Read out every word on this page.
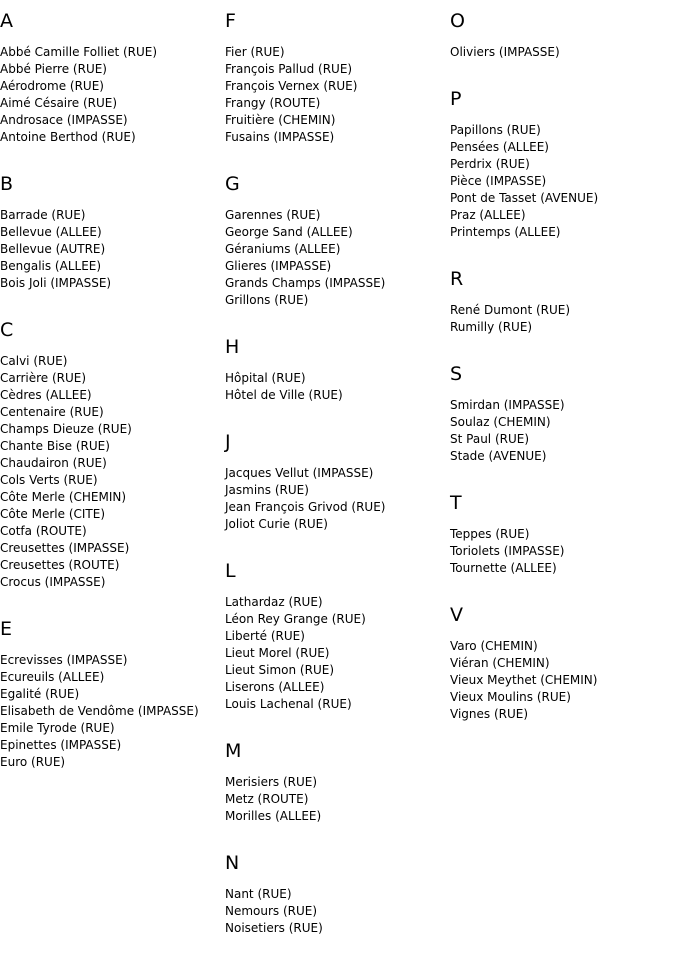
A
Abbé Camille Folliet (RUE)
Abbé Pierre (RUE)
Aérodrome (RUE)
Aimé Césaire (RUE)
Androsace (IMPASSE)
Antoine Berthod (RUE)
B
Barrade (RUE)
Bellevue (ALLEE)
Bellevue (AUTRE)
Bengalis (ALLEE)
Bois Joli (IMPASSE)
C
Calvi (RUE)
Carrière (RUE)
Cèdres (ALLEE)
Centenaire (RUE)
Champs Dieuze (RUE)
Chante Bise (RUE)
Chaudairon (RUE)
Cols Verts (RUE)
Côte Merle (CHEMIN)
Côte Merle (CITE)
Cotfa (ROUTE)
Creusettes (IMPASSE)
Creusettes (ROUTE)
Crocus (IMPASSE)
E
Ecrevisses (IMPASSE)
Ecureuils (ALLEE)
Egalité (RUE)
Elisabeth de Vendôme (IMPASSE)
Emile Tyrode (RUE)
Epinettes (IMPASSE)
Euro (RUE)
F
Fier (RUE)
François Pallud (RUE)
François Vernex (RUE)
Frangy (ROUTE)
Fruitière (CHEMIN)
Fusains (IMPASSE)
G
Garennes (RUE)
George Sand (ALLEE)
Géraniums (ALLEE)
Glieres (IMPASSE)
Grands Champs (IMPASSE)
Grillons (RUE)
H
Hôpital (RUE)
Hôtel de Ville (RUE)
J
Jacques Vellut (IMPASSE)
Jasmins (RUE)
Jean François Grivod (RUE)
Joliot Curie (RUE)
L
Lathardaz (RUE)
Léon Rey Grange (RUE)
Liberté (RUE)
Lieut Morel (RUE)
Lieut Simon (RUE)
Liserons (ALLEE)
Louis Lachenal (RUE)
M
Merisiers (RUE)
Metz (ROUTE)
Morilles (ALLEE)
N
Nant (RUE)
Nemours (RUE)
Noisetiers (RUE)
O
Oliviers (IMPASSE)
P
Papillons (RUE)
Pensées (ALLEE)
Perdrix (RUE)
Pièce (IMPASSE)
Pont de Tasset (AVENUE)
Praz (ALLEE)
Printemps (ALLEE)
R
René Dumont (RUE)
Rumilly (RUE)
S
Smirdan (IMPASSE)
Soulaz (CHEMIN)
St Paul (RUE)
Stade (AVENUE)
T
Teppes (RUE)
Toriolets (IMPASSE)
Tournette (ALLEE)
V
Varo (CHEMIN)
Viéran (CHEMIN)
Vieux Meythet (CHEMIN)
Vieux Moulins (RUE)
Vignes (RUE)
